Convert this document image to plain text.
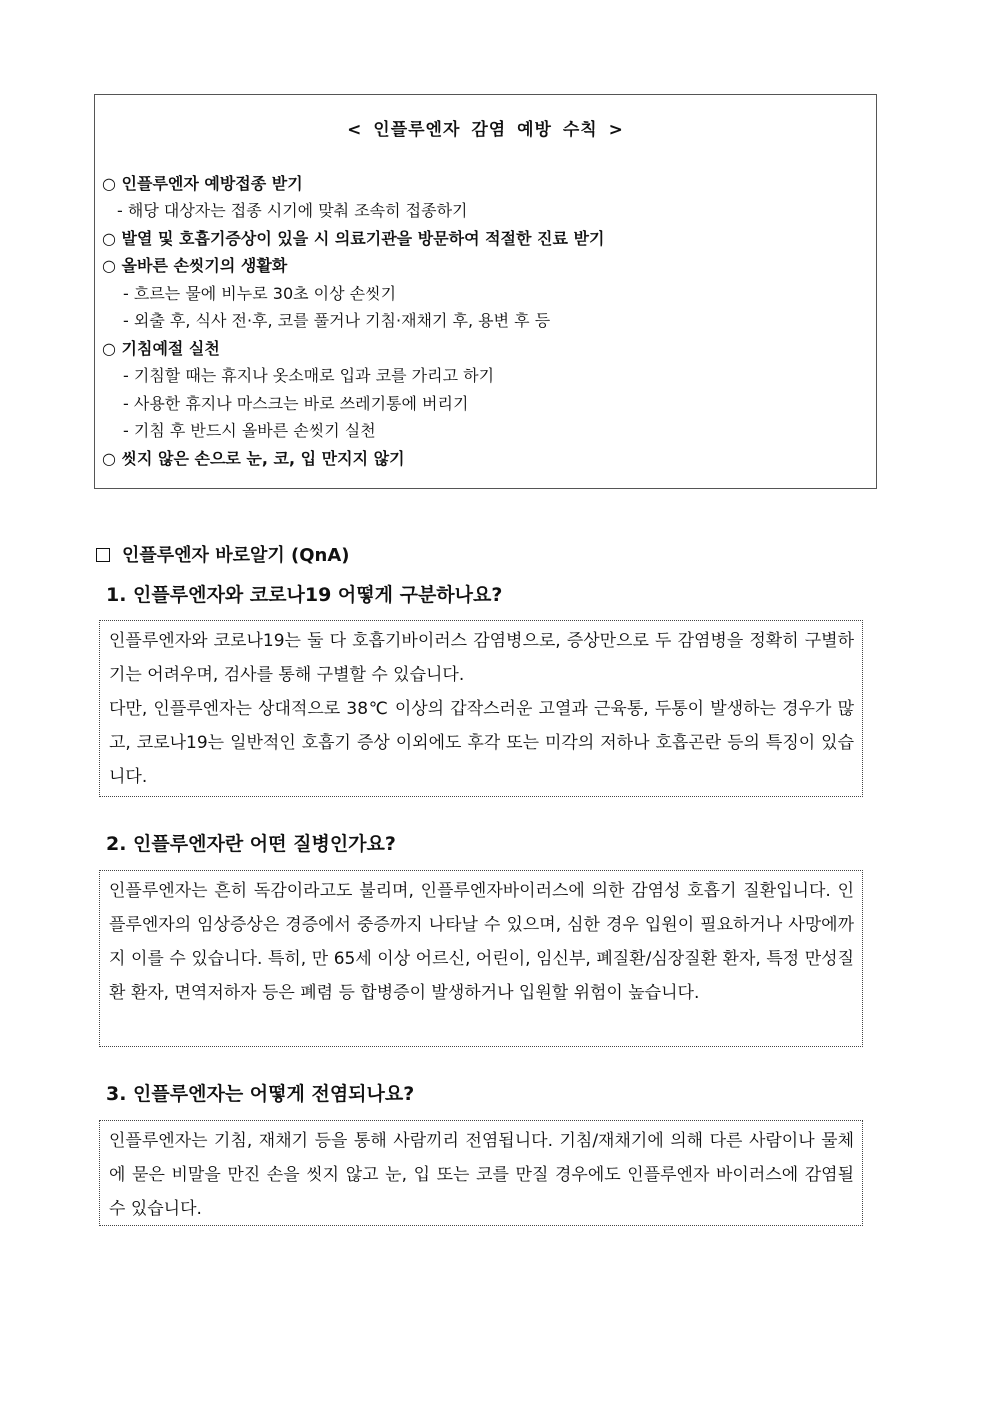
< 인플루엔자 감염 예방 수칙 >
○ 인플루엔자 예방접종 받기
- 해당 대상자는 접종 시기에 맞춰 조속히 접종하기
○ 발열 및 호흡기증상이 있을 시 의료기관을 방문하여 적절한 진료 받기
○ 올바른 손씻기의 생활화
- 흐르는 물에 비누로 30초 이상 손씻기
- 외출 후, 식사 전·후, 코를 풀거나 기침·재채기 후, 용변 후 등
○ 기침예절 실천
- 기침할 때는 휴지나 옷소매로 입과 코를 가리고 하기
- 사용한 휴지나 마스크는 바로 쓰레기통에 버리기
- 기침 후 반드시 올바른 손씻기 실천
○ 씻지 않은 손으로 눈, 코, 입 만지지 않기
인플루엔자 바로알기 (QnA)
1. 인플루엔자와 코로나19 어떻게 구분하나요?

인플루엔자와 코로나19는 둘 다 호흡기바이러스 감염병으로, 증상만으로 두 감염병을 정확히 구별하기는 어려우며, 검사를 통해 구별할 수 있습니다.

다만, 인플루엔자는 상대적으로 38℃ 이상의 갑작스러운 고열과 근육통, 두통이 발생하는 경우가 많고, 코로나19는 일반적인 호흡기 증상 이외에도 후각 또는 미각의 저하나 호흡곤란 등의 특징이 있습니다.

2. 인플루엔자란 어떤 질병인가요?

인플루엔자는 흔히 독감이라고도 불리며, 인플루엔자바이러스에 의한 감염성 호흡기 질환입니다. 인플루엔자의 임상증상은 경증에서 중증까지 나타날 수 있으며, 심한 경우 입원이 필요하거나 사망에까지 이를 수 있습니다. 특히, 만 65세 이상 어르신, 어린이, 임신부, 폐질환/심장질환 환자, 특정 만성질환 환자, 면역저하자 등은 폐렴 등 합병증이 발생하거나 입원할 위험이 높습니다.

3. 인플루엔자는 어떻게 전염되나요?

인플루엔자는 기침, 재채기 등을 통해 사람끼리 전염됩니다. 기침/재채기에 의해 다른 사람이나 물체에 묻은 비말을 만진 손을 씻지 않고 눈, 입 또는 코를 만질 경우에도 인플루엔자 바이러스에 감염될 수 있습니다.
